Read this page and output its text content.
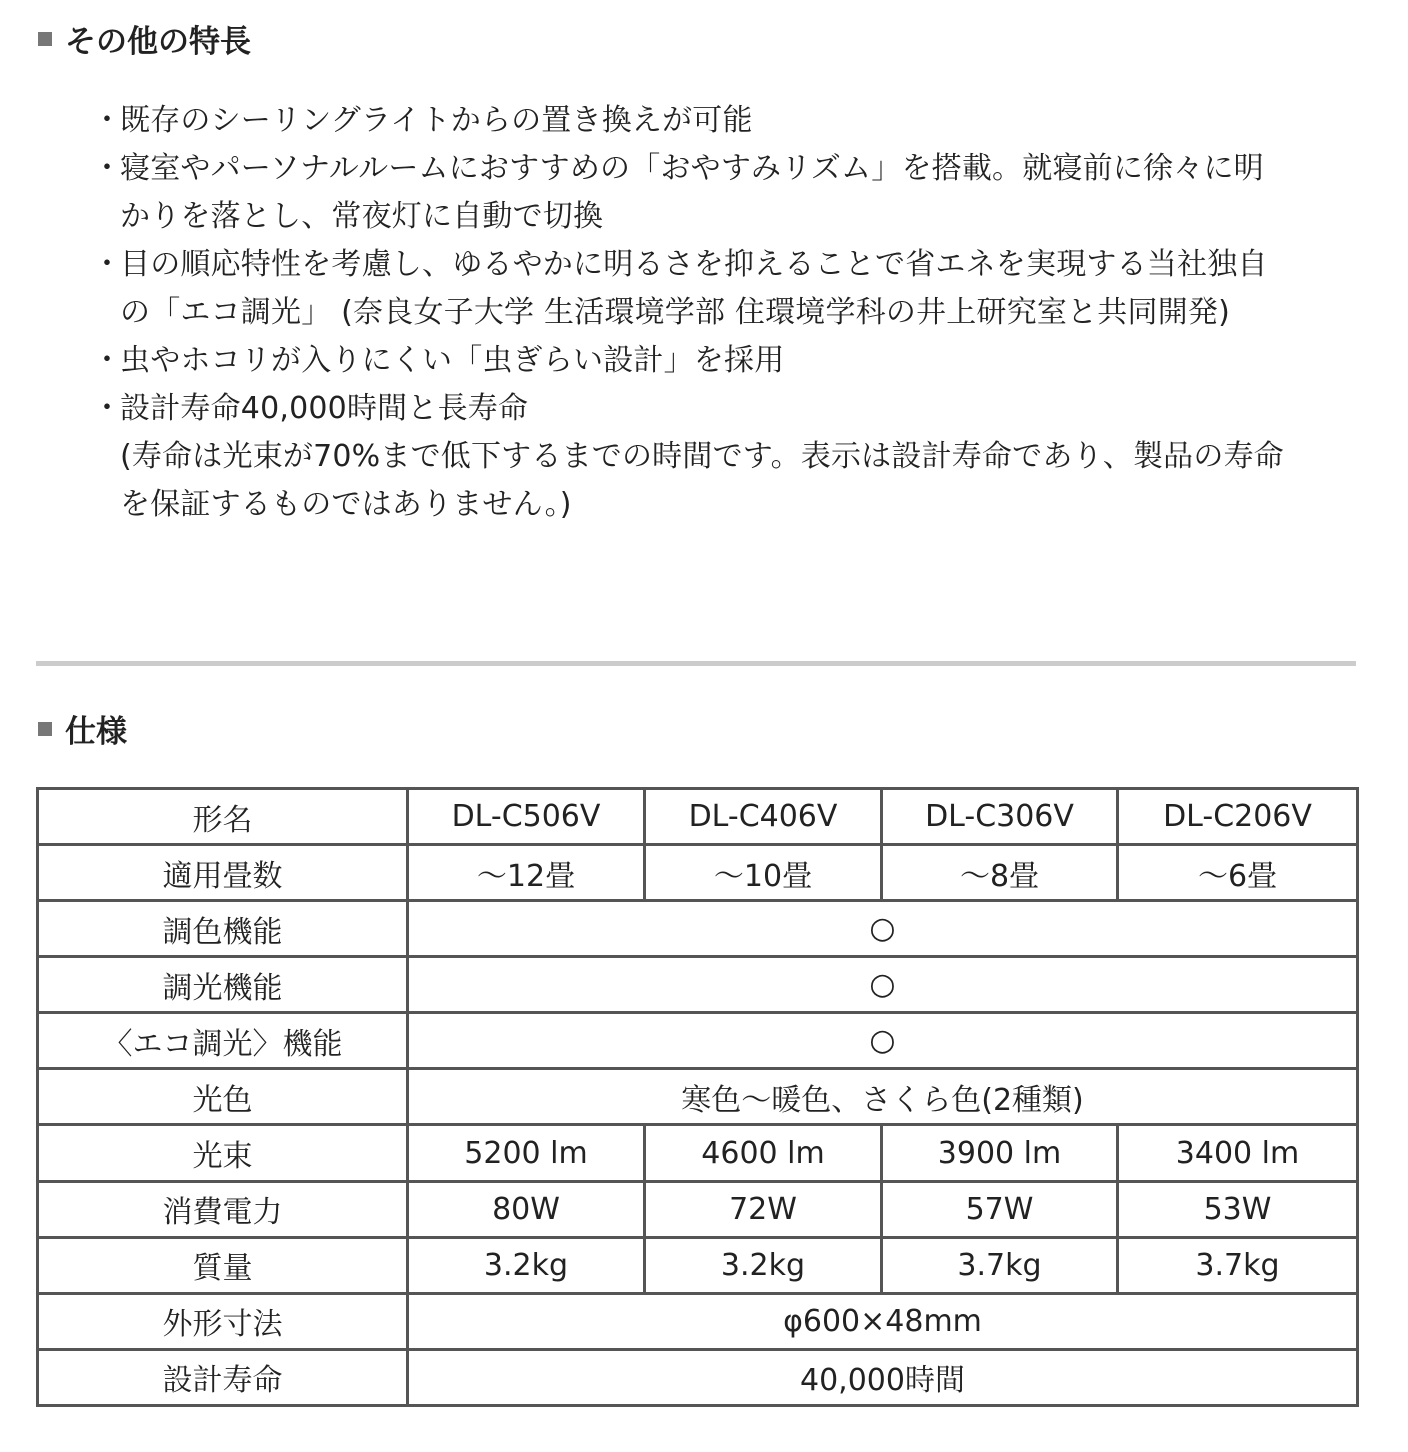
その他の特長
・
既存のシーリングライトからの置き換えが可能
・
寝室やパーソナルルームにおすすめの「おやすみリズム」を搭載。就寝前に徐々に明
かりを落とし、常夜灯に自動で切換
・
目の順応特性を考慮し、ゆるやかに明るさを抑えることで省エネを実現する当社独自
の「エコ調光」 (奈良女子大学 生活環境学部 住環境学科の井上研究室と共同開発)
・
虫やホコリが入りにくい「虫ぎらい設計」を採用
・
設計寿命40,000時間と長寿命
(寿命は光束が70%まで低下するまでの時間です。表示は設計寿命であり、製品の寿命
を保証するものではありません。)
仕様
形名	DL-C506V	DL-C406V	DL-C306V	DL-C206V
適用畳数	～12畳	～10畳	～8畳	～6畳
調色機能	○			
調光機能	○			
〈エコ調光〉機能	○			
光色	寒色～暖色、さくら色(2種類)			
光束	5200 lm	4600 lm	3900 lm	3400 lm
消費電力	80W	72W	57W	53W
質量	3.2kg	3.2kg	3.7kg	3.7kg
外形寸法	φ600×48mm			
設計寿命	40,000時間			
